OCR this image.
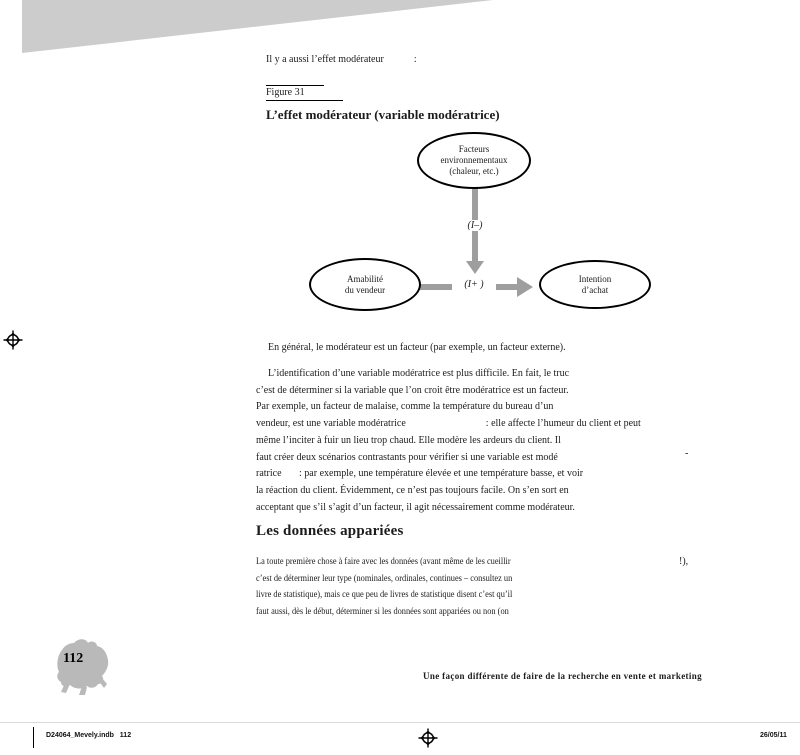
Il y a aussi l’effet modérateur            :
Figure 31
L’effet modérateur (variable modératrice)
Facteurs
environnementaux
(chaleur, etc.)
(I–)
Amabilité
du vendeur	(I+ )
Intention
d’achat
En général, le modérateur est un facteur (par exemple, un facteur externe).
L’identification d’une variable modératrice est plus difficile. En fait, le truc
c’est de déterminer si la variable que l’on croit être modératrice est un facteur.
Par exemple, un facteur de malaise, comme la température du bureau d’un
vendeur, est une variable modératrice                                : elle affecte l’humeur du client et peut
même l’inciter à fuir un lieu trop chaud. Elle modère les ardeurs du client. Il
faut créer deux scénarios contrastants pour vérifier si une variable est modé
ratrice       : par exemple, une température élevée et une température basse, et voir
la réaction du client. Évidemment, ce n’est pas toujours facile. On s’en sort en
acceptant que s’il s’agit d’un facteur, il agit nécessairement comme modérateur.
-
Les données appariées
La toute première chose à faire avec les données (avant même de les cueillir
c’est de déterminer leur type (nominales, ordinales, continues – consultez un
livre de statistique), mais ce que peu de livres de statistique disent c’est qu’il
faut aussi, dès le début, déterminer si les données sont appariées ou non (on
!),
112
Une façon différente de faire de la recherche en vente et marketing
D24064_Mevely.indb   112	26/05/11
